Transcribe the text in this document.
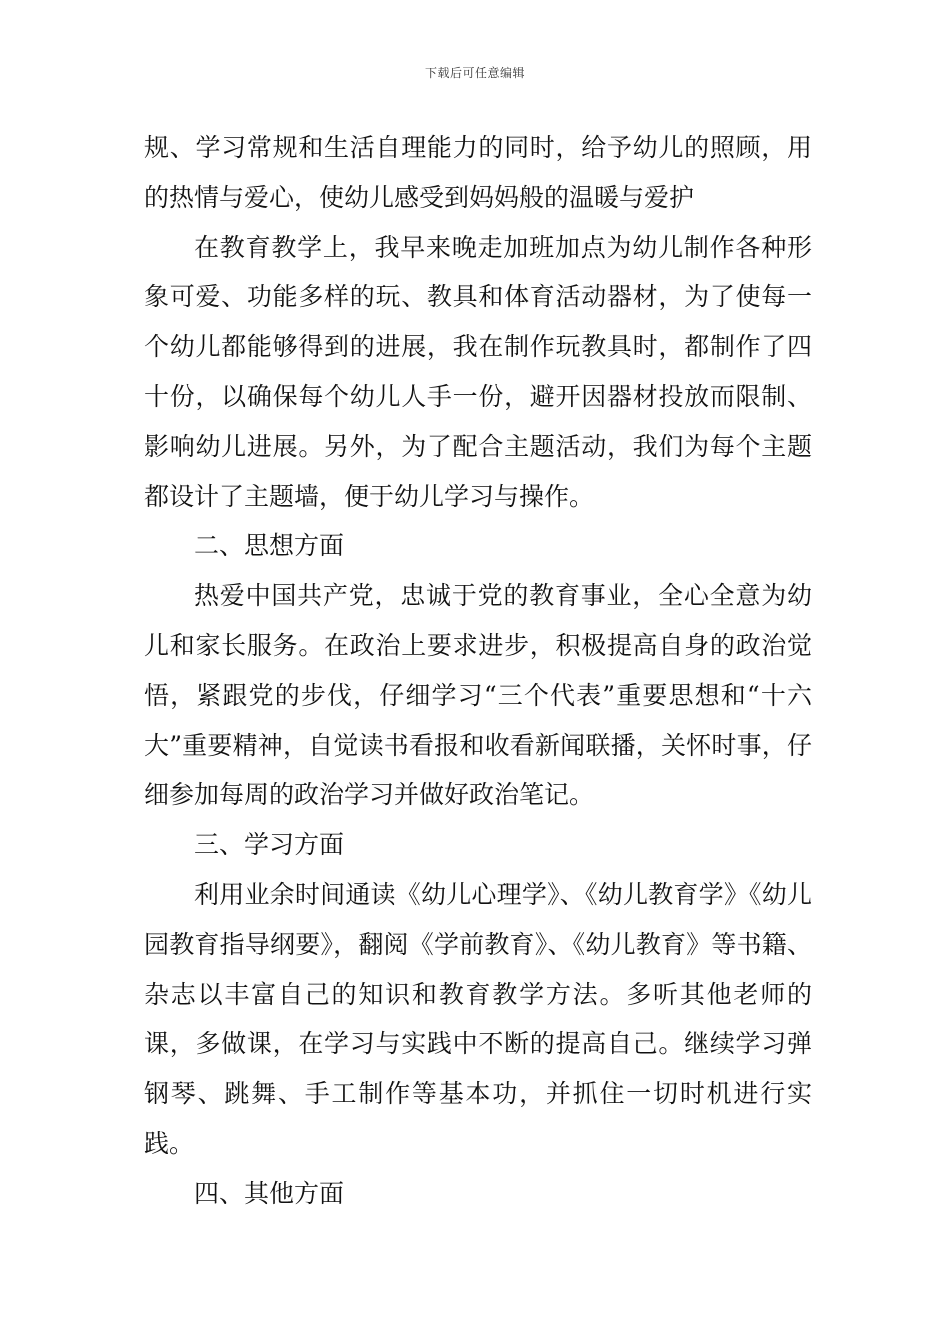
下载后可任意编辑

规、学习常规和生活自理能力的同时，给予幼儿的照顾，用的热情与爱心，使幼儿感受到妈妈般的温暖与爱护

在教育教学上，我早来晚走加班加点为幼儿制作各种形象可爱、功能多样的玩、教具和体育活动器材，为了使每一个幼儿都能够得到的进展，我在制作玩教具时，都制作了四十份，以确保每个幼儿人手一份，避开因器材投放而限制、影响幼儿进展。另外，为了配合主题活动，我们为每个主题都设计了主题墙，便于幼儿学习与操作。

二、思想方面

热爱中国共产党，忠诚于党的教育事业，全心全意为幼儿和家长服务。在政治上要求进步，积极提高自身的政治觉悟，紧跟党的步伐，仔细学习“三个代表”重要思想和“十六大”重要精神，自觉读书看报和收看新闻联播，关怀时事，仔细参加每周的政治学习并做好政治笔记。

三、学习方面

利用业余时间通读《幼儿心理学》、《幼儿教育学》《幼儿园教育指导纲要》，翻阅《学前教育》、《幼儿教育》等书籍、杂志以丰富自己的知识和教育教学方法。多听其他老师的课，多做课，在学习与实践中不断的提高自己。继续学习弹钢琴、跳舞、手工制作等基本功，并抓住一切时机进行实践。

四、其他方面
